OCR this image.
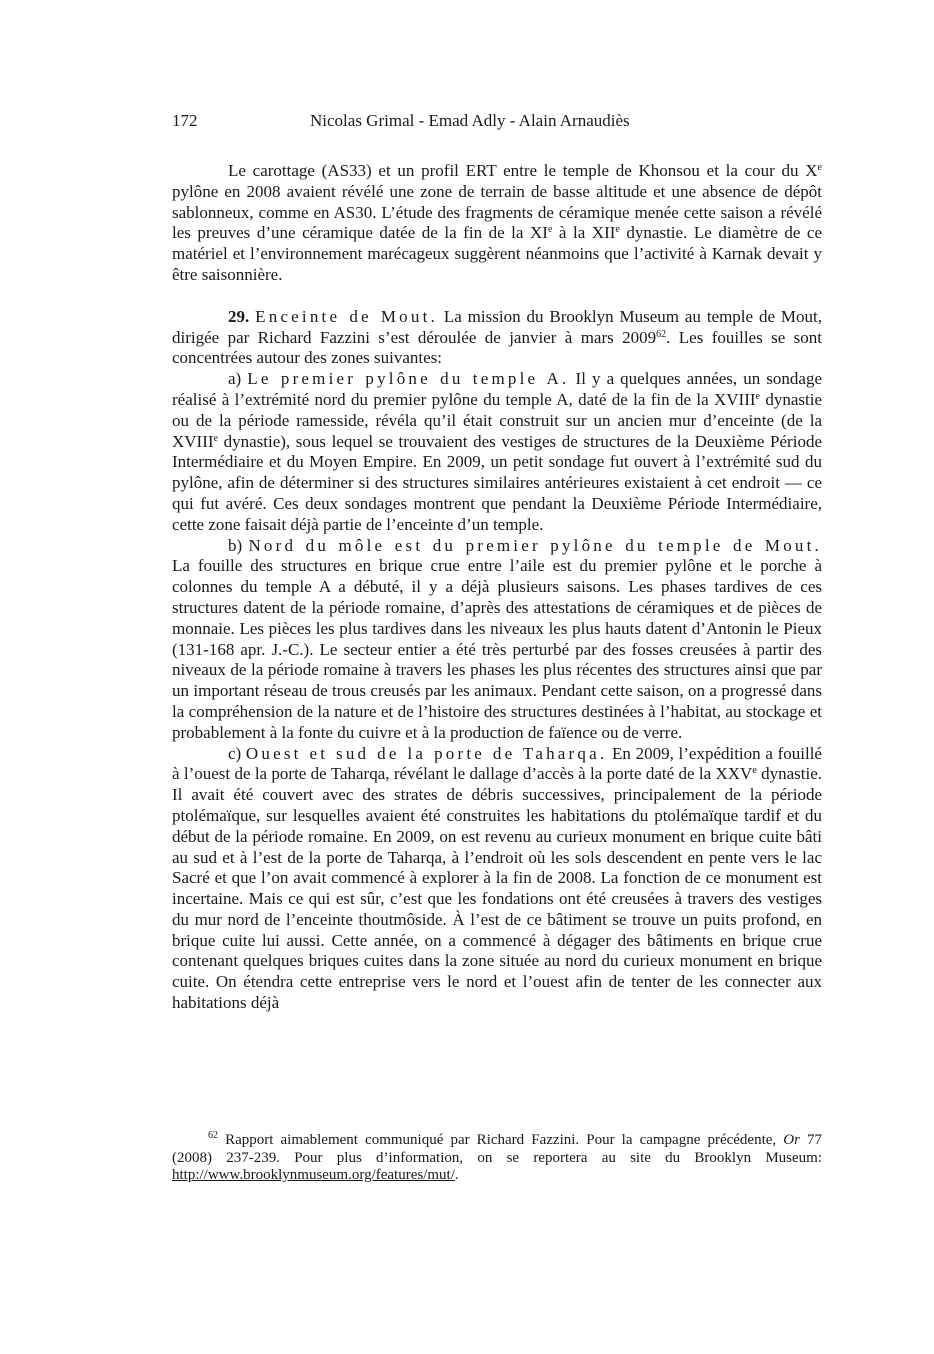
172	Nicolas Grimal - Emad Adly - Alain Arnaudiès

Le carottage (AS33) et un profil ERT entre le temple de Khonsou et la cour du Xe pylône en 2008 avaient révélé une zone de terrain de basse altitude et une absence de dépôt sablonneux, comme en AS30. L’étude des fragments de céramique menée cette saison a révélé les preuves d’une céramique datée de la fin de la XIe à la XIIe dynastie. Le diamètre de ce matériel et l’environnement marécageux suggèrent néanmoins que l’activité à Karnak devait y être saisonnière.

29. Enceinte de Mout. La mission du Brooklyn Museum au temple de Mout, dirigée par Richard Fazzini s’est déroulée de janvier à mars 2009$^{62}$. Les fouilles se sont concentrées autour des zones suivantes:

a) Le premier pylône du temple A. Il y a quelques années, un sondage réalisé à l’extrémité nord du premier pylône du temple A, daté de la fin de la XVIIIe dynastie ou de la période ramesside, révéla qu’il était construit sur un ancien mur d’enceinte (de la XVIIIe dynastie), sous lequel se trouvaient des vestiges de structures de la Deuxième Période Intermédiaire et du Moyen Empire. En 2009, un petit sondage fut ouvert à l’extrémité sud du pylône, afin de déterminer si des structures similaires antérieures existaient à cet endroit — ce qui fut avéré. Ces deux sondages montrent que pendant la Deuxième Période Intermédiaire, cette zone faisait déjà partie de l’enceinte d’un temple.

b) Nord du môle est du premier pylône du temple de Mout. La fouille des structures en brique crue entre l’aile est du premier pylône et le porche à colonnes du temple A a débuté, il y a déjà plusieurs saisons. Les phases tardives de ces structures datent de la période romaine, d’après des attestations de céramiques et de pièces de monnaie. Les pièces les plus tardives dans les niveaux les plus hauts datent d’Antonin le Pieux (131-168 apr. J.-C.). Le secteur entier a été très perturbé par des fosses creusées à partir des niveaux de la période romaine à travers les phases les plus récentes des structures ainsi que par un important réseau de trous creusés par les animaux. Pendant cette saison, on a progressé dans la compréhension de la nature et de l’histoire des structures destinées à l’habitat, au stockage et probablement à la fonte du cuivre et à la production de faïence ou de verre.

c) Ouest et sud de la porte de Taharqa. En 2009, l’expédition a fouillé à l’ouest de la porte de Taharqa, révélant le dallage d’accès à la porte daté de la XXVe dynastie. Il avait été couvert avec des strates de débris successives, principalement de la période ptolémaïque, sur lesquelles avaient été construites les habitations du ptolémaïque tardif et du début de la période romaine. En 2009, on est revenu au curieux monument en brique cuite bâti au sud et à l’est de la porte de Taharqa, à l’endroit où les sols descendent en pente vers le lac Sacré et que l’on avait commencé à explorer à la fin de 2008. La fonction de ce monument est incertaine. Mais ce qui est sûr, c’est que les fondations ont été creusées à travers des vestiges du mur nord de l’enceinte thoutmôside. À l’est de ce bâtiment se trouve un puits profond, en brique cuite lui aussi. Cette année, on a commencé à dégager des bâtiments en brique crue contenant quelques briques cuites dans la zone située au nord du curieux monument en brique cuite. On étendra cette entreprise vers le nord et l’ouest afin de tenter de les connecter aux habitations déjà

$^{62}$ Rapport aimablement communiqué par Richard Fazzini. Pour la campagne précédente, Or 77 (2008) 237-239. Pour plus d’information, on se reportera au site du Brooklyn Museum: http://www.brooklynmuseum.org/features/mut/.
